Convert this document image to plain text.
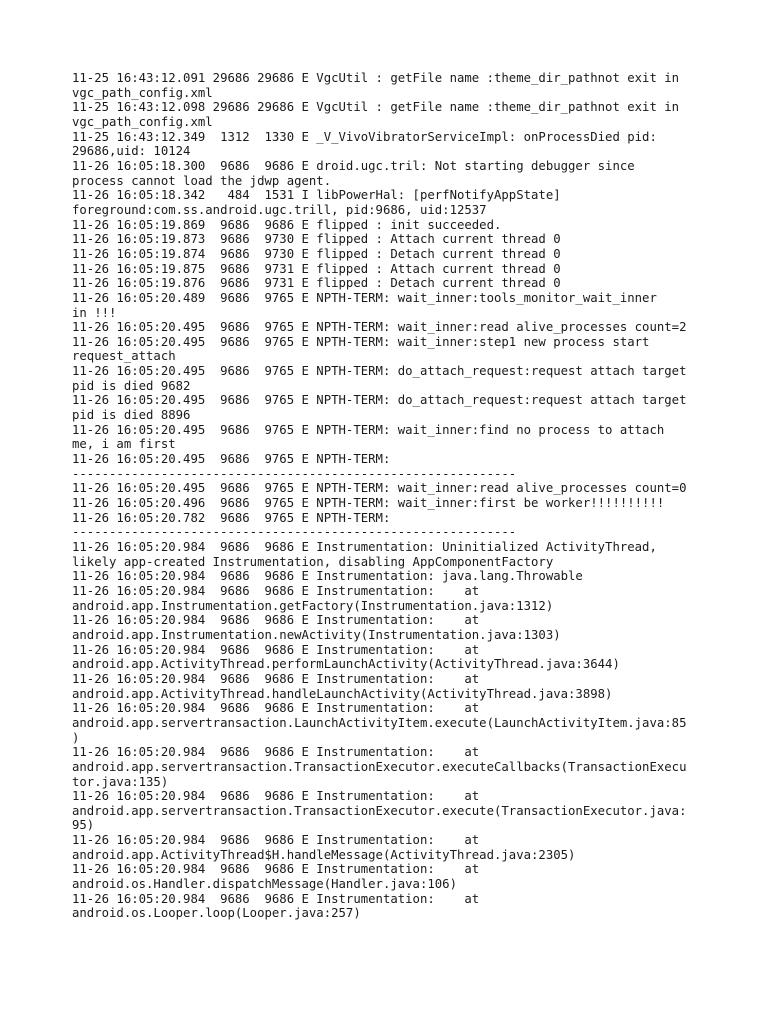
11-25 16:43:12.091 29686 29686 E VgcUtil : getFile name :theme_dir_pathnot exit in
vgc_path_config.xml
11-25 16:43:12.098 29686 29686 E VgcUtil : getFile name :theme_dir_pathnot exit in
vgc_path_config.xml
11-25 16:43:12.349  1312  1330 E _V_VivoVibratorServiceImpl: onProcessDied pid:
29686,uid: 10124
11-26 16:05:18.300  9686  9686 E droid.ugc.tril: Not starting debugger since
process cannot load the jdwp agent.
11-26 16:05:18.342   484  1531 I libPowerHal: [perfNotifyAppState]
foreground:com.ss.android.ugc.trill, pid:9686, uid:12537
11-26 16:05:19.869  9686  9686 E flipped : init succeeded.
11-26 16:05:19.873  9686  9730 E flipped : Attach current thread 0
11-26 16:05:19.874  9686  9730 E flipped : Detach current thread 0
11-26 16:05:19.875  9686  9731 E flipped : Attach current thread 0
11-26 16:05:19.876  9686  9731 E flipped : Detach current thread 0
11-26 16:05:20.489  9686  9765 E NPTH-TERM: wait_inner:tools_monitor_wait_inner
in !!!
11-26 16:05:20.495  9686  9765 E NPTH-TERM: wait_inner:read alive_processes count=2
11-26 16:05:20.495  9686  9765 E NPTH-TERM: wait_inner:step1 new process start
request_attach
11-26 16:05:20.495  9686  9765 E NPTH-TERM: do_attach_request:request attach target
pid is died 9682
11-26 16:05:20.495  9686  9765 E NPTH-TERM: do_attach_request:request attach target
pid is died 8896
11-26 16:05:20.495  9686  9765 E NPTH-TERM: wait_inner:find no process to attach
me, i am first
11-26 16:05:20.495  9686  9765 E NPTH-TERM:
------------------------------------------------------------
11-26 16:05:20.495  9686  9765 E NPTH-TERM: wait_inner:read alive_processes count=0
11-26 16:05:20.496  9686  9765 E NPTH-TERM: wait_inner:first be worker!!!!!!!!!!
11-26 16:05:20.782  9686  9765 E NPTH-TERM:
------------------------------------------------------------
11-26 16:05:20.984  9686  9686 E Instrumentation: Uninitialized ActivityThread,
likely app-created Instrumentation, disabling AppComponentFactory
11-26 16:05:20.984  9686  9686 E Instrumentation: java.lang.Throwable
11-26 16:05:20.984  9686  9686 E Instrumentation:    at
android.app.Instrumentation.getFactory(Instrumentation.java:1312)
11-26 16:05:20.984  9686  9686 E Instrumentation:    at
android.app.Instrumentation.newActivity(Instrumentation.java:1303)
11-26 16:05:20.984  9686  9686 E Instrumentation:    at
android.app.ActivityThread.performLaunchActivity(ActivityThread.java:3644)
11-26 16:05:20.984  9686  9686 E Instrumentation:    at
android.app.ActivityThread.handleLaunchActivity(ActivityThread.java:3898)
11-26 16:05:20.984  9686  9686 E Instrumentation:    at
android.app.servertransaction.LaunchActivityItem.execute(LaunchActivityItem.java:85
)
11-26 16:05:20.984  9686  9686 E Instrumentation:    at
android.app.servertransaction.TransactionExecutor.executeCallbacks(TransactionExecu
tor.java:135)
11-26 16:05:20.984  9686  9686 E Instrumentation:    at
android.app.servertransaction.TransactionExecutor.execute(TransactionExecutor.java:
95)
11-26 16:05:20.984  9686  9686 E Instrumentation:    at
android.app.ActivityThread$H.handleMessage(ActivityThread.java:2305)
11-26 16:05:20.984  9686  9686 E Instrumentation:    at
android.os.Handler.dispatchMessage(Handler.java:106)
11-26 16:05:20.984  9686  9686 E Instrumentation:    at
android.os.Looper.loop(Looper.java:257)
